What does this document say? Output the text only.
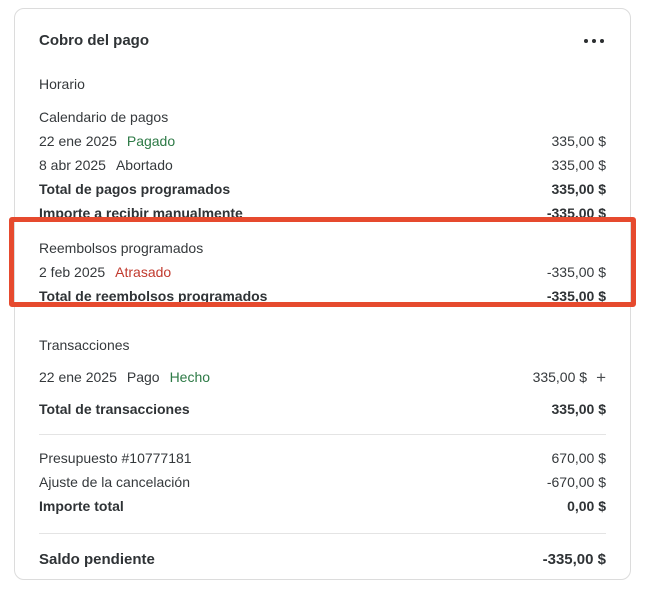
Cobro del pago
Horario
Calendario de pagos
22 ene 2025 Pagado	335,00 $
8 abr 2025 Abortado	335,00 $
Total de pagos programados	335,00 $
Importe a recibir manualmente	-335,00 $
Reembolsos programados
2 feb 2025 Atrasado	-335,00 $
Total de reembolsos programados	-335,00 $
Transacciones
22 ene 2025 Pago Hecho	335,00 $ +
Total de transacciones	335,00 $
Presupuesto #10777181	670,00 $
Ajuste de la cancelación	-670,00 $
Importe total	0,00 $
Saldo pendiente	-335,00 $
